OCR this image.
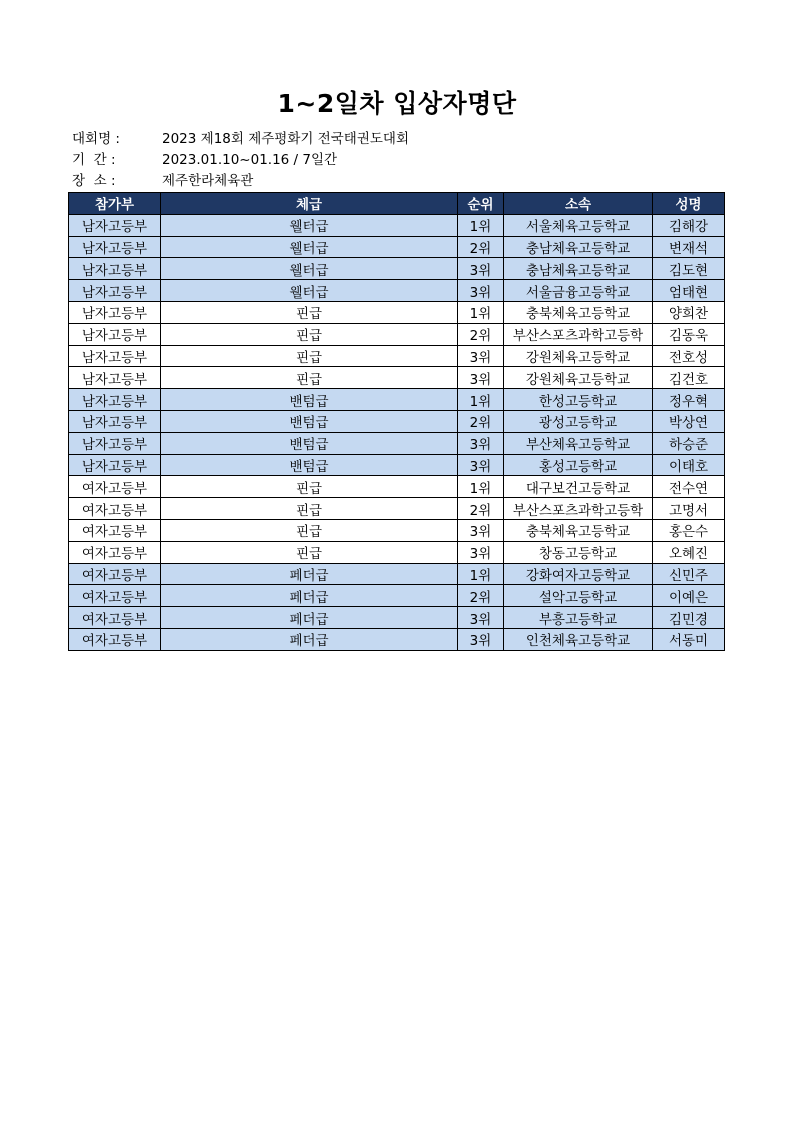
1~2일차 입상자명단
대회명 :	2023 제18회 제주평화기 전국태권도대회
기  간 :	2023.01.10~01.16 / 7일간
장  소 :	제주한라체육관
참가부	체급	순위	소속	성명
남자고등부	웰터급	1위	서울체육고등학교	김해강
남자고등부	웰터급	2위	충남체육고등학교	변재석
남자고등부	웰터급	3위	충남체육고등학교	김도현
남자고등부	웰터급	3위	서울금융고등학교	엄태현
남자고등부	핀급	1위	충북체육고등학교	양희찬
남자고등부	핀급	2위	부산스포츠과학고등학	김동욱
남자고등부	핀급	3위	강원체육고등학교	전호성
남자고등부	핀급	3위	강원체육고등학교	김건호
남자고등부	밴텀급	1위	한성고등학교	정우혁
남자고등부	밴텀급	2위	광성고등학교	박상연
남자고등부	밴텀급	3위	부산체육고등학교	하승준
남자고등부	밴텀급	3위	홍성고등학교	이태호
여자고등부	핀급	1위	대구보건고등학교	전수연
여자고등부	핀급	2위	부산스포츠과학고등학	고명서
여자고등부	핀급	3위	충북체육고등학교	홍은수
여자고등부	핀급	3위	창동고등학교	오혜진
여자고등부	페더급	1위	강화여자고등학교	신민주
여자고등부	페더급	2위	설악고등학교	이예은
여자고등부	페더급	3위	부흥고등학교	김민경
여자고등부	페더급	3위	인천체육고등학교	서동미
